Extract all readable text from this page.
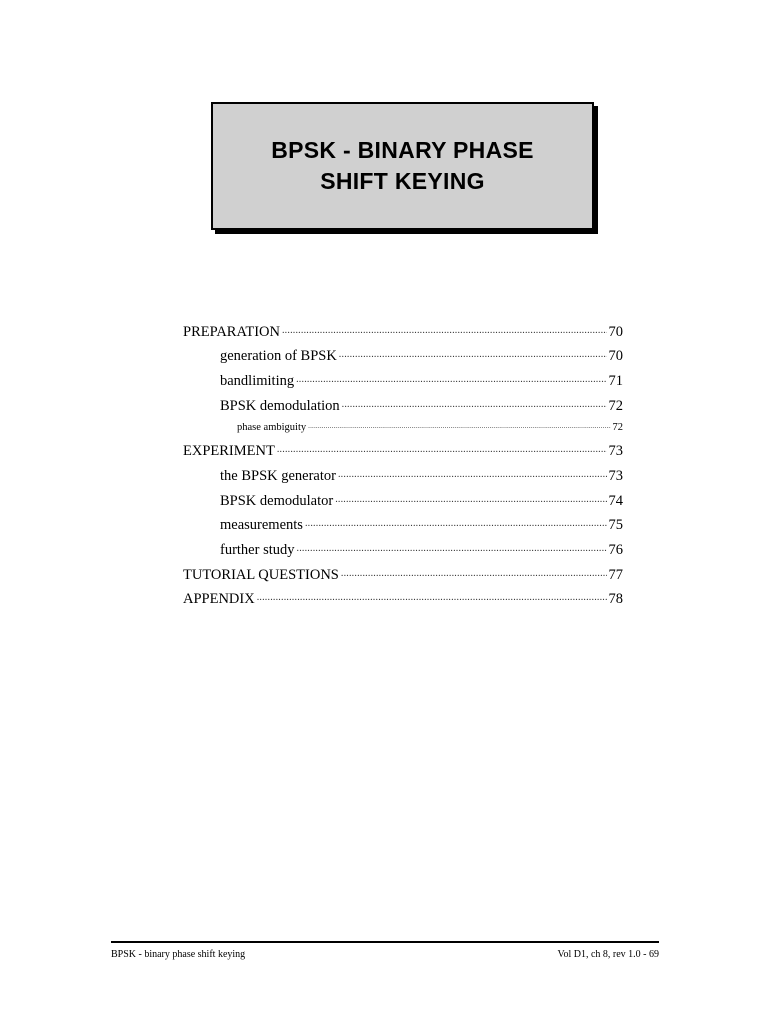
BPSK - BINARY PHASE
SHIFT KEYING
PREPARATION .....	70
generation of BPSK .....	70
bandlimiting .....	71
BPSK demodulation .....	72
phase ambiguity .....	72
EXPERIMENT .....	73
the BPSK generator .....	73
BPSK demodulator .....	74
measurements .....	75
further study .....	76
TUTORIAL QUESTIONS .....	77
APPENDIX .....	78
BPSK - binary phase shift keying	Vol D1, ch 8, rev 1.0 - 69
